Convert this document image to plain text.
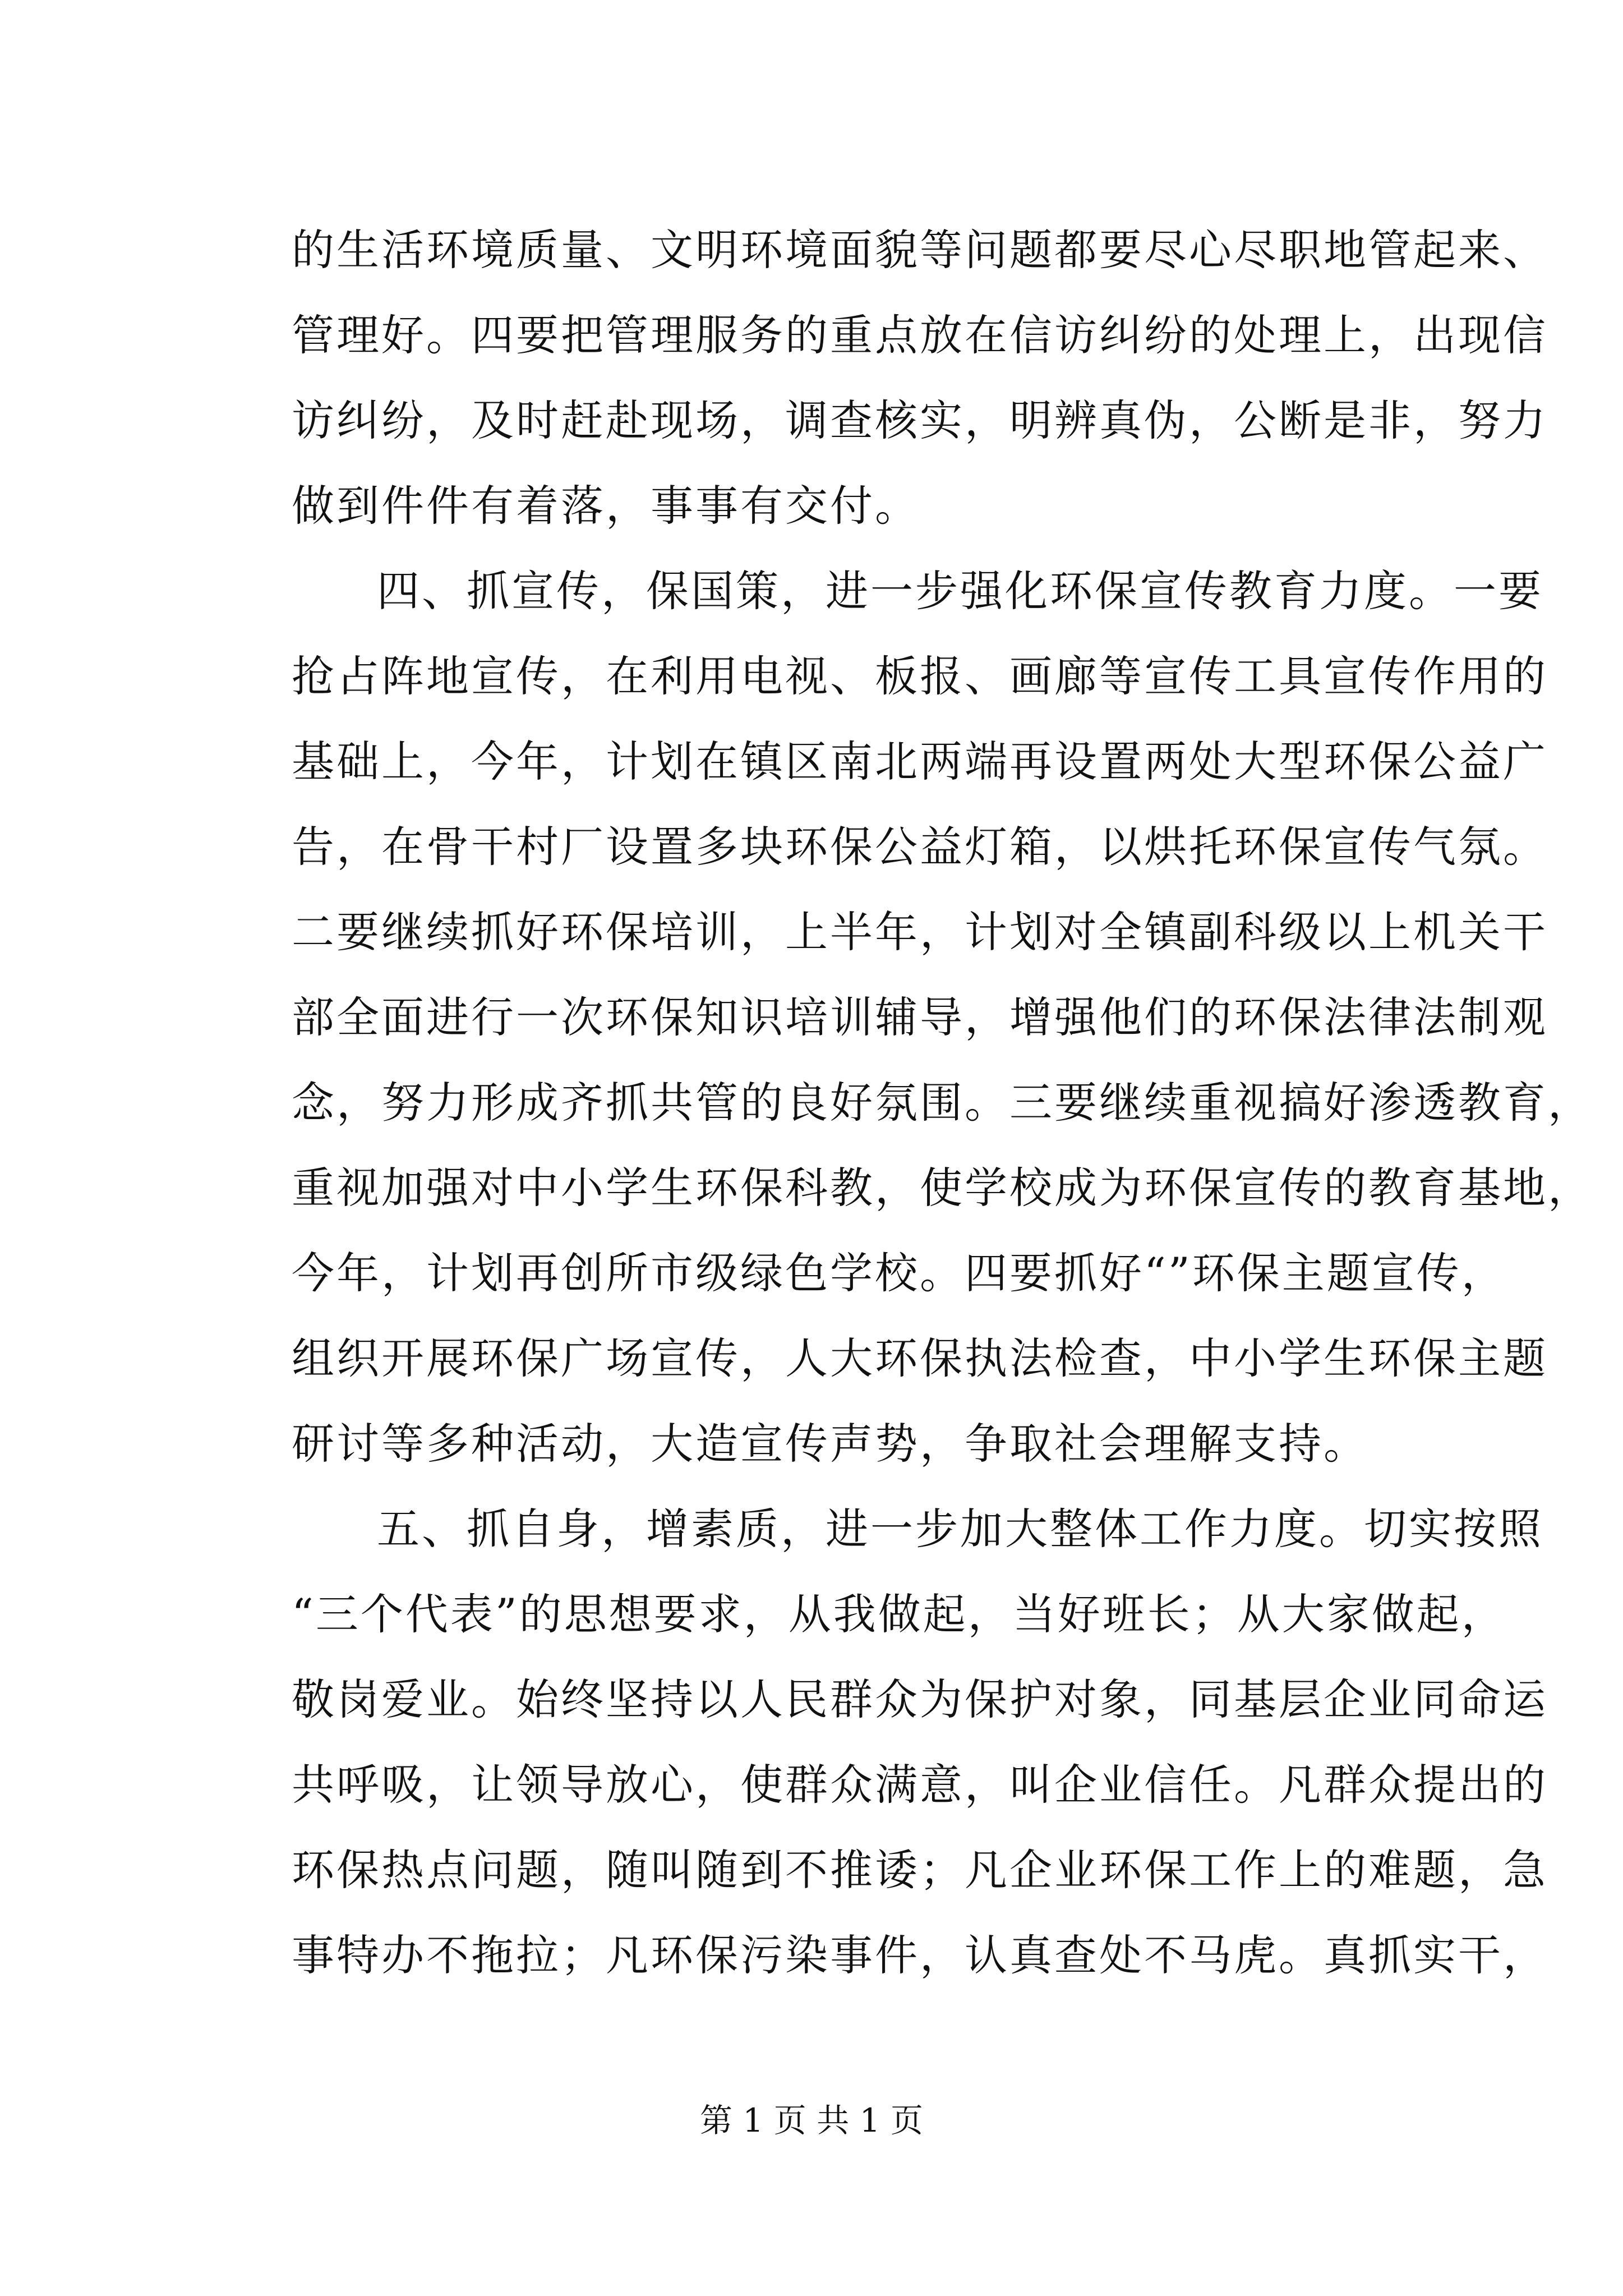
的生活环境质量、文明环境面貌等问题都要尽心尽职地管起来、
管理好。四要把管理服务的重点放在信访纠纷的处理上，出现信
访纠纷，及时赶赴现场，调查核实，明辨真伪，公断是非，努力
做到件件有着落，事事有交付。
四、抓宣传，保国策，进一步强化环保宣传教育力度。一要
抢占阵地宣传，在利用电视、板报、画廊等宣传工具宣传作用的
基础上，今年，计划在镇区南北两端再设置两处大型环保公益广
告，在骨干村厂设置多块环保公益灯箱，以烘托环保宣传气氛。
二要继续抓好环保培训，上半年，计划对全镇副科级以上机关干
部全面进行一次环保知识培训辅导，增强他们的环保法律法制观
念，努力形成齐抓共管的良好氛围。三要继续重视搞好渗透教育，
重视加强对中小学生环保科教，使学校成为环保宣传的教育基地，
今年，计划再创所市级绿色学校。四要抓好“”环保主题宣传，
组织开展环保广场宣传，人大环保执法检查，中小学生环保主题
研讨等多种活动，大造宣传声势，争取社会理解支持。
五、抓自身，增素质，进一步加大整体工作力度。切实按照
“三个代表”的思想要求，从我做起，当好班长；从大家做起，
敬岗爱业。始终坚持以人民群众为保护对象，同基层企业同命运
共呼吸，让领导放心，使群众满意，叫企业信任。凡群众提出的
环保热点问题，随叫随到不推诿；凡企业环保工作上的难题，急
事特办不拖拉；凡环保污染事件，认真查处不马虎。真抓实干，
第 1 页 共 1 页
